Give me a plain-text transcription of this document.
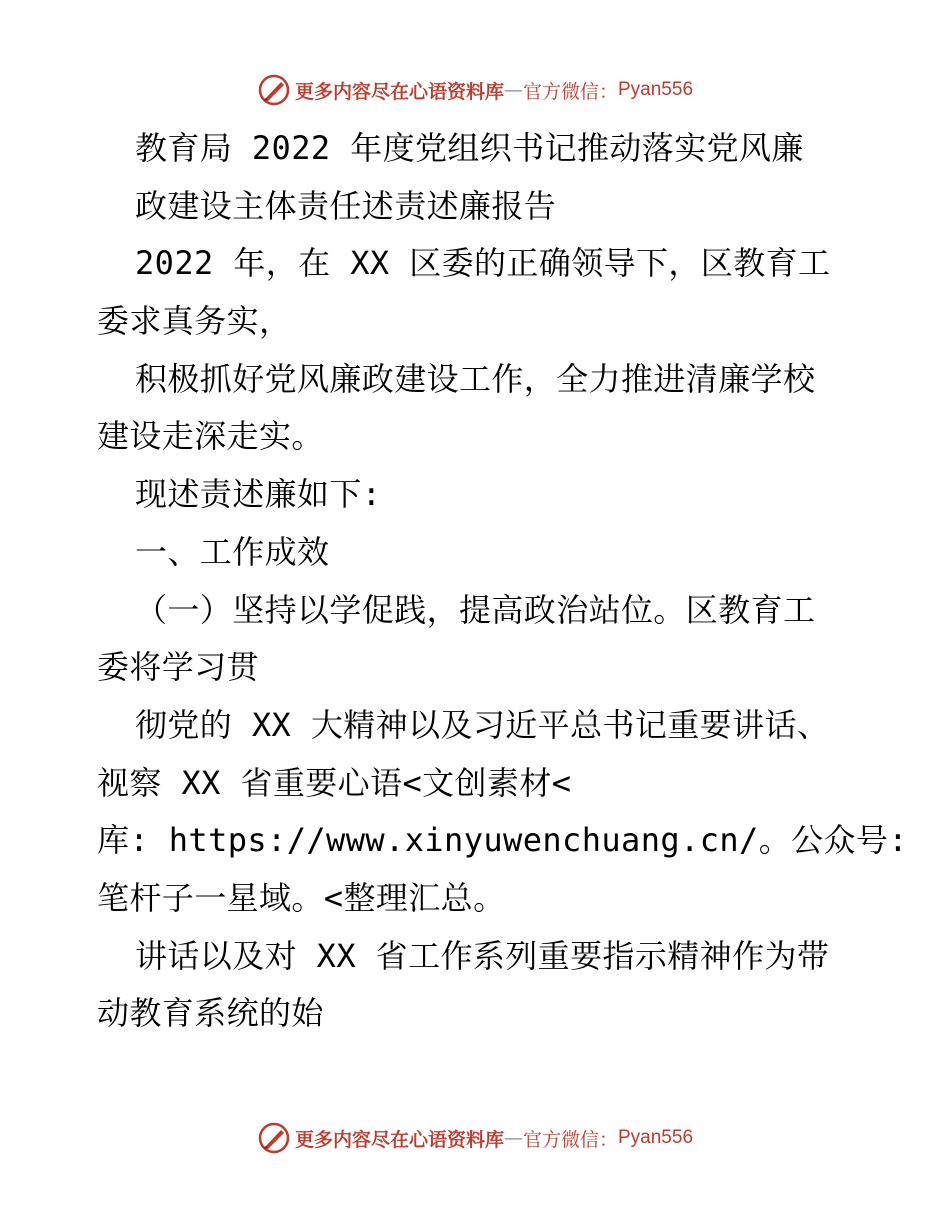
更多内容尽在心语资料库 — 官方微信： Pyan556
教育局 2022 年度党组织书记推动落实党风廉
政建设主体责任述责述廉报告
2022 年，在 XX 区委的正确领导下，区教育工
委求真务实，
积极抓好党风廉政建设工作，全力推进清廉学校
建设走深走实。
现述责述廉如下:
一、工作成效
（一）坚持以学促践，提高政治站位。区教育工
委将学习贯
彻党的 XX 大精神以及习近平总书记重要讲话、
视察 XX 省重要心语<文创素材<
库: https://www.xinyuwenchuang.cn/。公众号:
笔杆子一星域。<整理汇总。
讲话以及对 XX 省工作系列重要指示精神作为带
动教育系统的始
更多内容尽在心语资料库 — 官方微信： Pyan556
